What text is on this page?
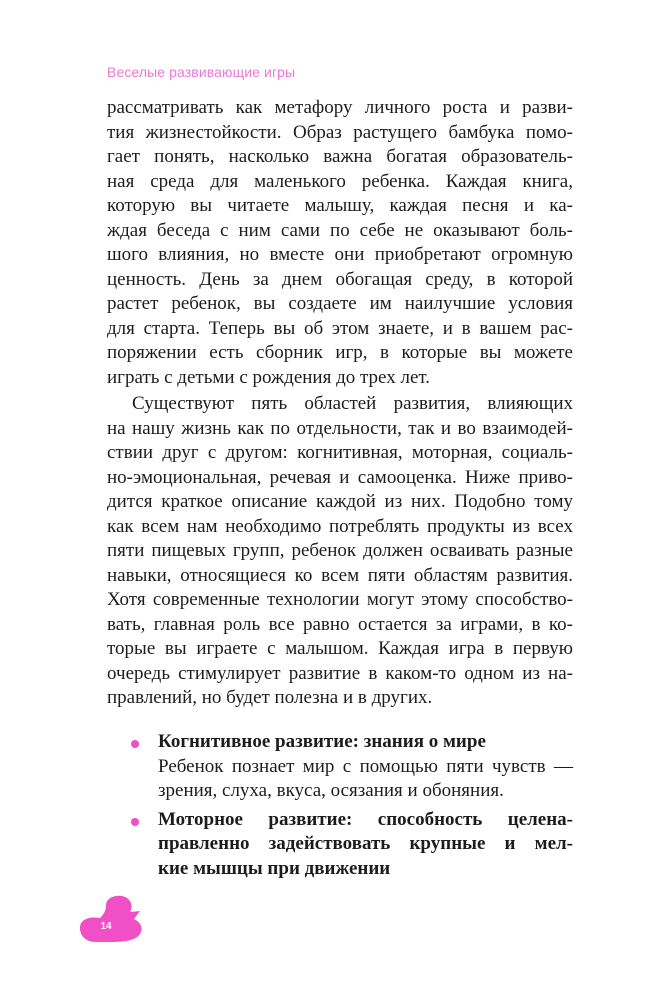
Веселые развивающие игры

рассматривать как метафору личного роста и разви-
тия жизнестойкости. Образ растущего бамбука помо-
гает понять, насколько важна богатая образователь-
ная среда для маленького ребенка. Каждая книга,
которую вы читаете малышу, каждая песня и ка-
ждая беседа с ним сами по себе не оказывают боль-
шого влияния, но вместе они приобретают огромную
ценность. День за днем обогащая среду, в которой
растет ребенок, вы создаете им наилучшие условия
для старта. Теперь вы об этом знаете, и в вашем рас-
поряжении есть сборник игр, в которые вы можете
играть с детьми с рождения до трех лет.

Существуют пять областей развития, влияющих
на нашу жизнь как по отдельности, так и во взаимодей-
ствии друг с другом: когнитивная, моторная, социаль-
но-эмоциональная, речевая и самооценка. Ниже приво-
дится краткое описание каждой из них. Подобно тому
как всем нам необходимо потреблять продукты из всех
пяти пищевых групп, ребенок должен осваивать разные
навыки, относящиеся ко всем пяти областям развития.
Хотя современные технологии могут этому способство-
вать, главная роль все равно остается за играми, в ко-
торые вы играете с малышом. Каждая игра в первую
очередь стимулирует развитие в каком-то одном из на-
правлений, но будет полезна и в других.

Когнитивное развитие: знания о мире
Ребенок познает мир с помощью пяти чувств —
зрения, слуха, вкуса, осязания и обоняния.
Моторное развитие: способность целена-
правленно задействовать крупные и мел-
кие мышцы при движении
14
